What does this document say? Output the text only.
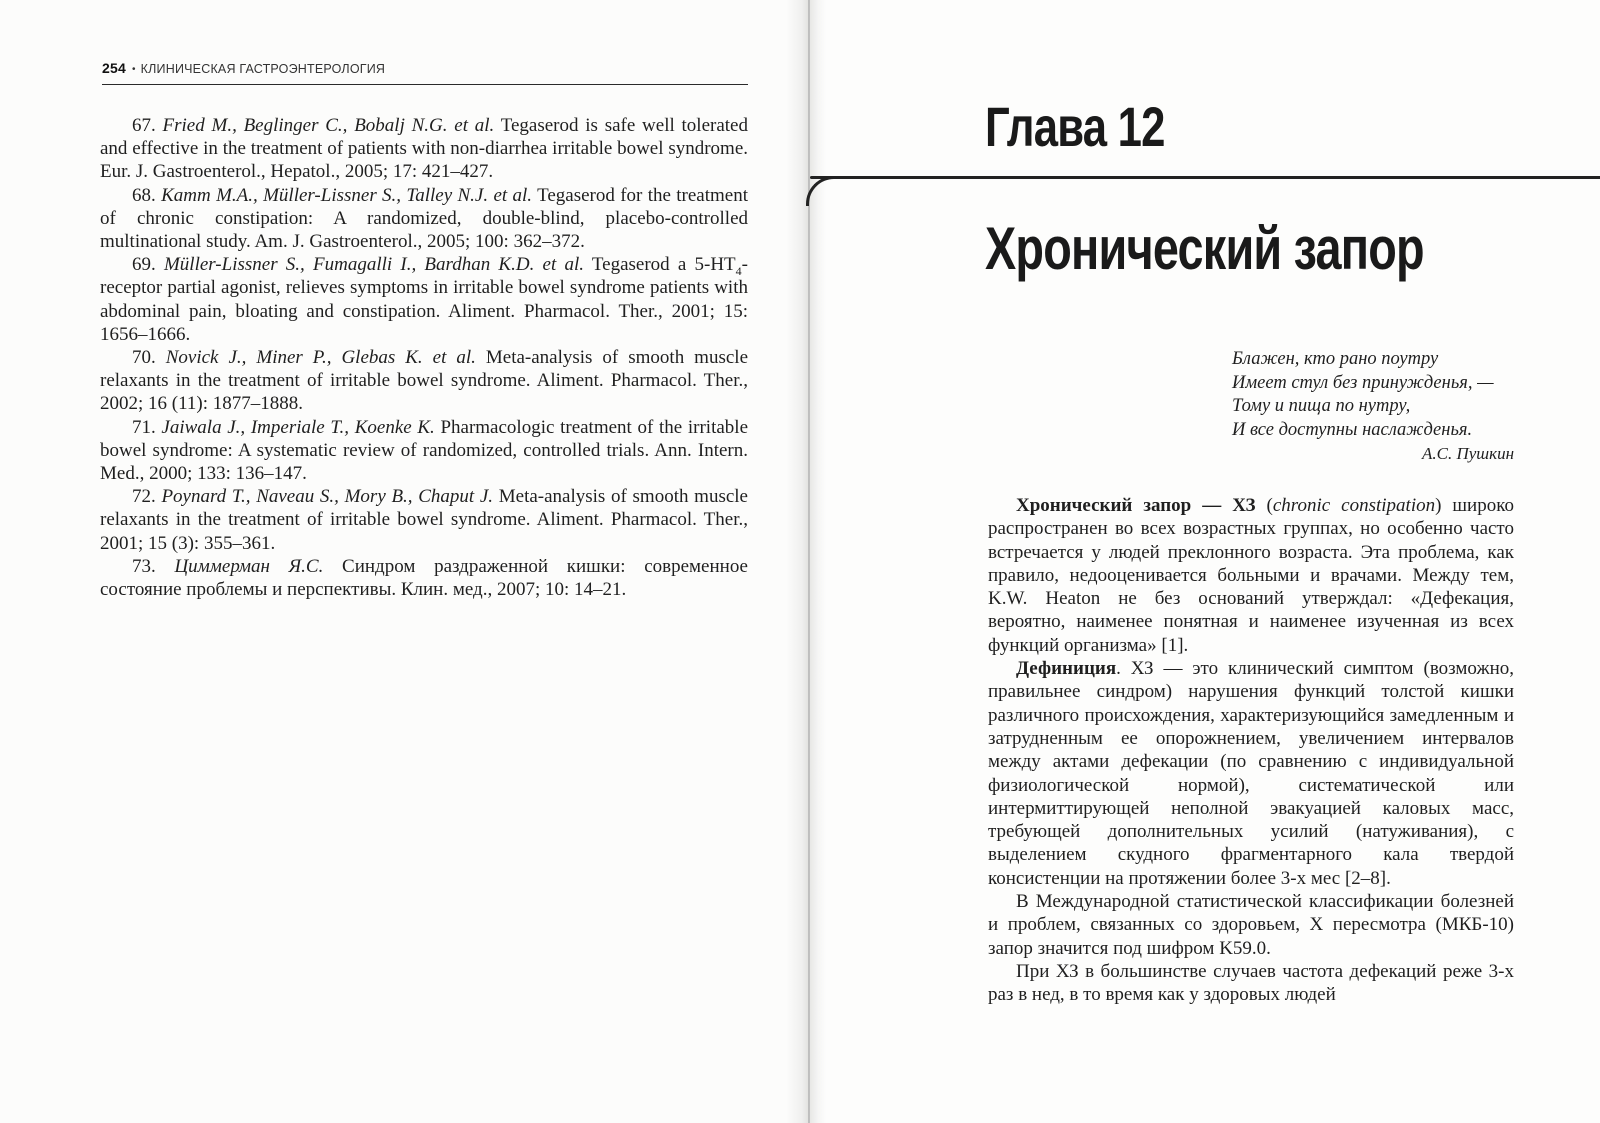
254 • КЛИНИЧЕСКАЯ ГАСТРОЭНТЕРОЛОГИЯ

67. Fried M., Beglinger C., Bobalj N.G. et al. Tegaserod is safe well tolerated and effective in the treatment of patients with non-diarrhea irritable bowel syndrome. Eur. J. Gastroenterol., Hepatol., 2005; 17: 421–427.

68. Kamm M.A., Müller-Lissner S., Talley N.J. et al. Tegaserod for the treatment of chronic constipation: A randomized, double-blind, placebo-controlled multinational study. Am. J. Gastroenterol., 2005; 100: 362–372.

69. Müller-Lissner S., Fumagalli I., Bardhan K.D. et al. Tegaserod a $5-HT_4$-receptor partial agonist, relieves symptoms in irritable bowel syndrome patients with abdominal pain, bloating and constipation. Aliment. Pharmacol. Ther., 2001; 15: 1656–1666.

70. Novick J., Miner P., Glebas K. et al. Meta-analysis of smooth muscle relaxants in the treatment of irritable bowel syndrome. Aliment. Pharmacol. Ther., 2002; 16 (11): 1877–1888.

71. Jaiwala J., Imperiale T., Koenke K. Pharmacologic treatment of the irritable bowel syndrome: A systematic review of randomized, controlled trials. Ann. Intern. Med., 2000; 133: 136–147.

72. Poynard T., Naveau S., Mory B., Chaput J. Meta-analysis of smooth muscle relaxants in the treatment of irritable bowel syndrome. Aliment. Pharmacol. Ther., 2001; 15 (3): 355–361.

73. Циммерман Я.С. Синдром раздраженной кишки: современное состояние проблемы и перспективы. Клин. мед., 2007; 10: 14–21.

Глава 12
Хронический запор

Блажен, кто рано поутру

Имеет стул без принужденья, —

Тому и пища по нутру,

И все доступны наслажденья.

А.С. Пушкин

Хронический запор — ХЗ (chronic constipation) широко распространен во всех возрастных группах, но особенно часто встречается у людей преклонного возраста. Эта проблема, как правило, недооценивается больными и врачами. Между тем, K.W. Heaton не без оснований утверждал: «Дефекация, вероятно, наименее понятная и наименее изученная из всех функций организма» [1].

Дефиниция. ХЗ — это клинический симптом (возможно, правильнее синдром) нарушения функций толстой кишки различного происхождения, характеризующийся замедленным и затрудненным ее опорожнением, увеличением интервалов между актами дефекации (по сравнению с индивидуальной физиологической нормой), систематической или интермиттирующей неполной эвакуацией каловых масс, требующей дополнительных усилий (натуживания), с выделением скудного фрагментарного кала твердой консистенции на протяжении более 3-х мес [2–8].

В Международной статистической классификации болезней и проблем, связанных со здоровьем, X пересмотра (МКБ-10) запор значится под шифром K59.0.

При ХЗ в большинстве случаев частота дефекаций реже 3-х раз в нед, в то время как у здоровых людей
